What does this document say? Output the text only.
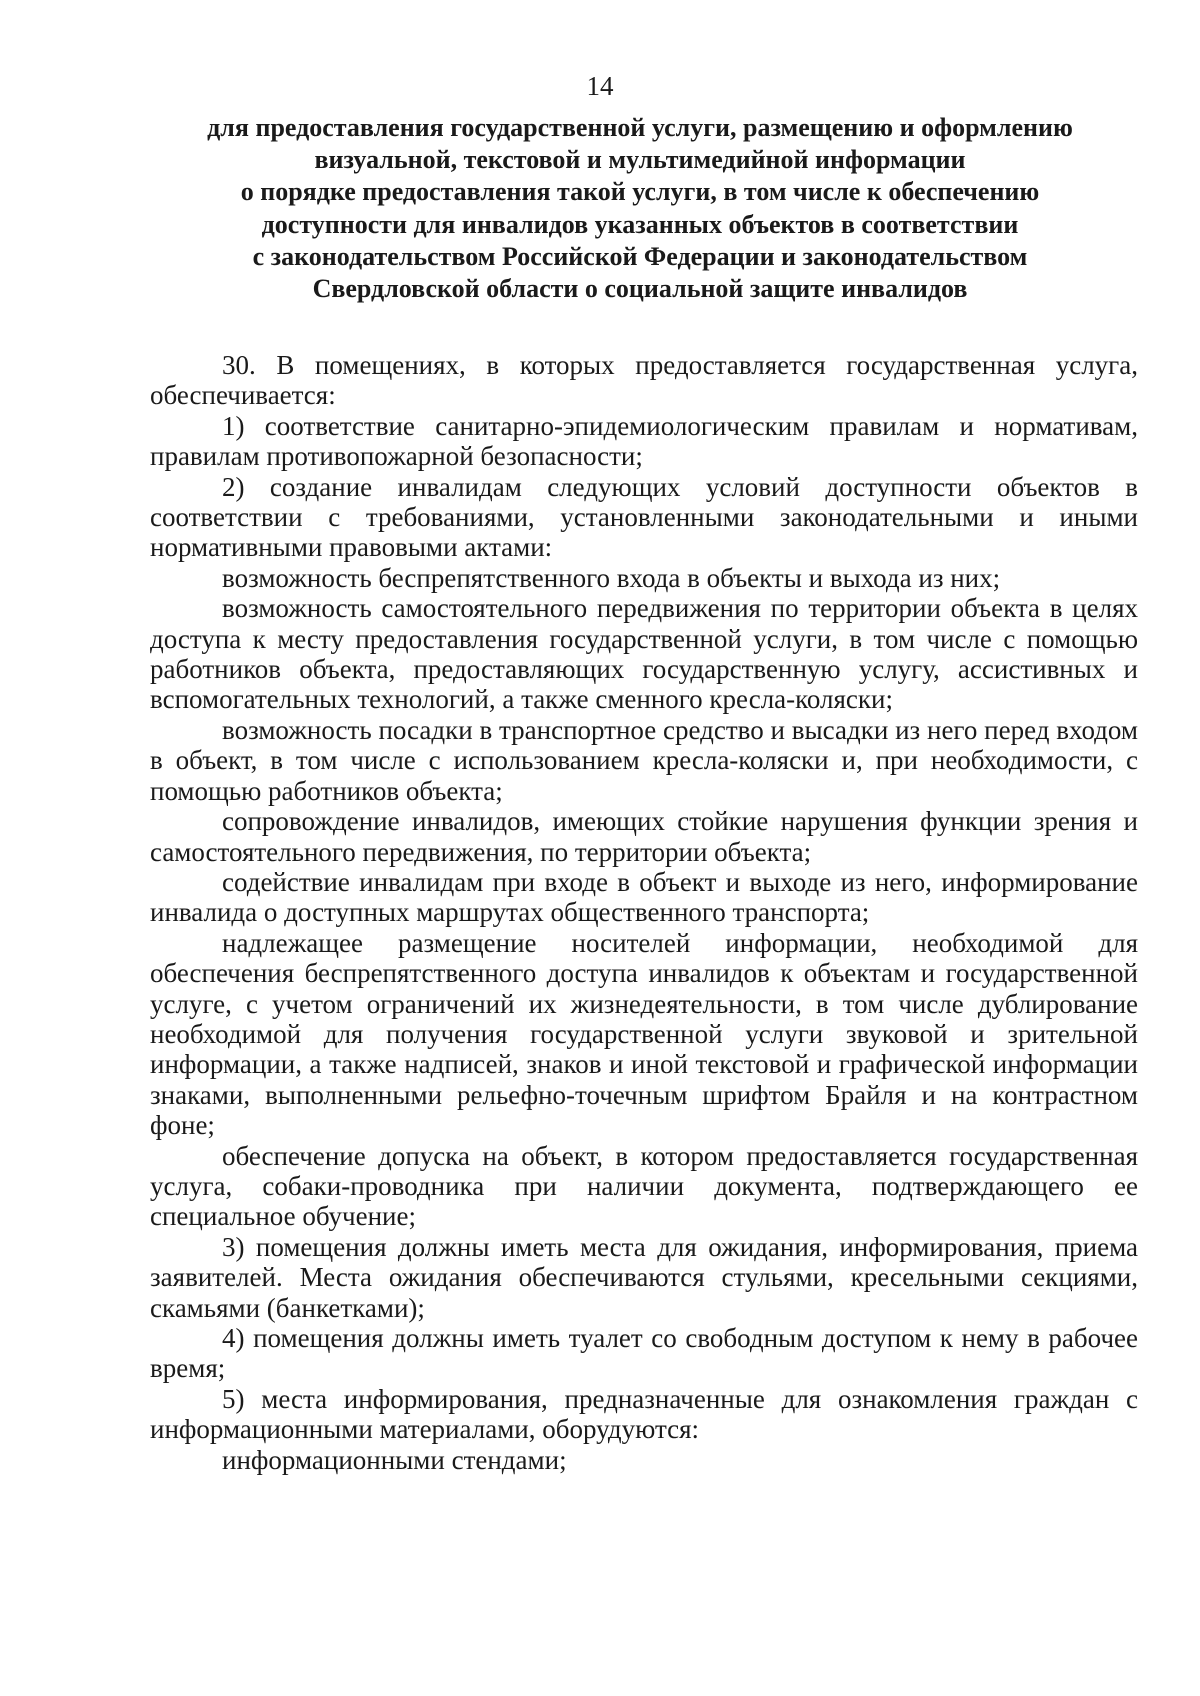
14
для предоставления государственной услуги, размещению и оформлению
визуальной, текстовой и мультимедийной информации
о порядке предоставления такой услуги, в том числе к обеспечению
доступности для инвалидов указанных объектов в соответствии
с законодательством Российской Федерации и законодательством
Свердловской области о социальной защите инвалидов

30. В помещениях, в которых предоставляется государственная услуга, обеспечивается:

1) соответствие санитарно-эпидемиологическим правилам и нормативам, правилам противопожарной безопасности;

2) создание инвалидам следующих условий доступности объектов в соответствии с требованиями, установленными законодательными и иными нормативными правовыми актами:

возможность беспрепятственного входа в объекты и выхода из них;

возможность самостоятельного передвижения по территории объекта в целях доступа к месту предоставления государственной услуги, в том числе с помощью работников объекта, предоставляющих государственную услугу, ассистивных и вспомогательных технологий, а также сменного кресла-коляски;

возможность посадки в транспортное средство и высадки из него перед входом в объект, в том числе с использованием кресла-коляски и, при необходимости, с помощью работников объекта;

сопровождение инвалидов, имеющих стойкие нарушения функции зрения и самостоятельного передвижения, по территории объекта;

содействие инвалидам при входе в объект и выходе из него, информирование инвалида о доступных маршрутах общественного транспорта;

надлежащее размещение носителей информации, необходимой для обеспечения беспрепятственного доступа инвалидов к объектам и государственной услуге, с учетом ограничений их жизнедеятельности, в том числе дублирование необходимой для получения государственной услуги звуковой и зрительной информации, а также надписей, знаков и иной текстовой и графической информации знаками, выполненными рельефно-точечным шрифтом Брайля и на контрастном фоне;

обеспечение допуска на объект, в котором предоставляется государственная услуга, собаки-проводника при наличии документа, подтверждающего ее специальное обучение;

3) помещения должны иметь места для ожидания, информирования, приема заявителей. Места ожидания обеспечиваются стульями, кресельными секциями, скамьями (банкетками);

4) помещения должны иметь туалет со свободным доступом к нему в рабочее время;

5) места информирования, предназначенные для ознакомления граждан с информационными материалами, оборудуются:

информационными стендами;
